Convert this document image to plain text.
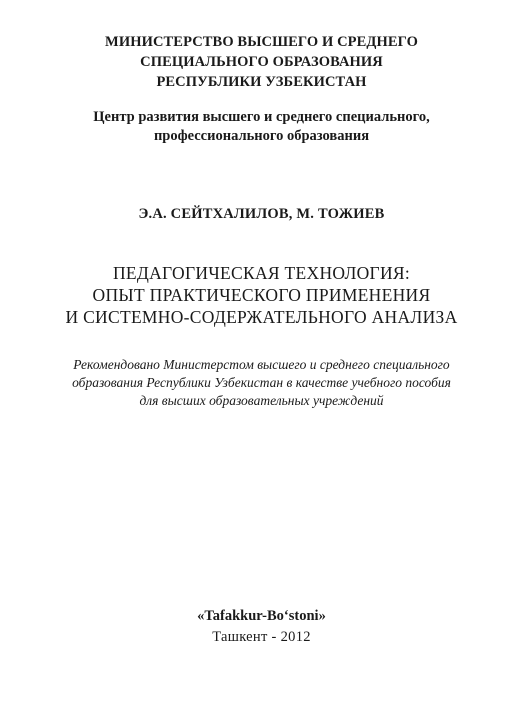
МИНИСТЕРСТВО ВЫСШЕГО И СРЕДНЕГО
СПЕЦИАЛЬНОГО ОБРАЗОВАНИЯ
РЕСПУБЛИКИ УЗБЕКИСТАН
Центр развития высшего и среднего специального,
профессионального образования
Э.А. СЕЙТХАЛИЛОВ, М. ТОЖИЕВ
ПЕДАГОГИЧЕСКАЯ ТЕХНОЛОГИЯ:
ОПЫТ ПРАКТИЧЕСКОГО ПРИМЕНЕНИЯ
И СИСТЕМНО-СОДЕРЖАТЕЛЬНОГО АНАЛИЗА
Рекомендовано Министерстом высшего и среднего специального
образования Республики Узбекистан в качестве учебного пособия
для высших образовательных учреждений
«Tafakkur-Bo‘stoni»
Ташкент - 2012
